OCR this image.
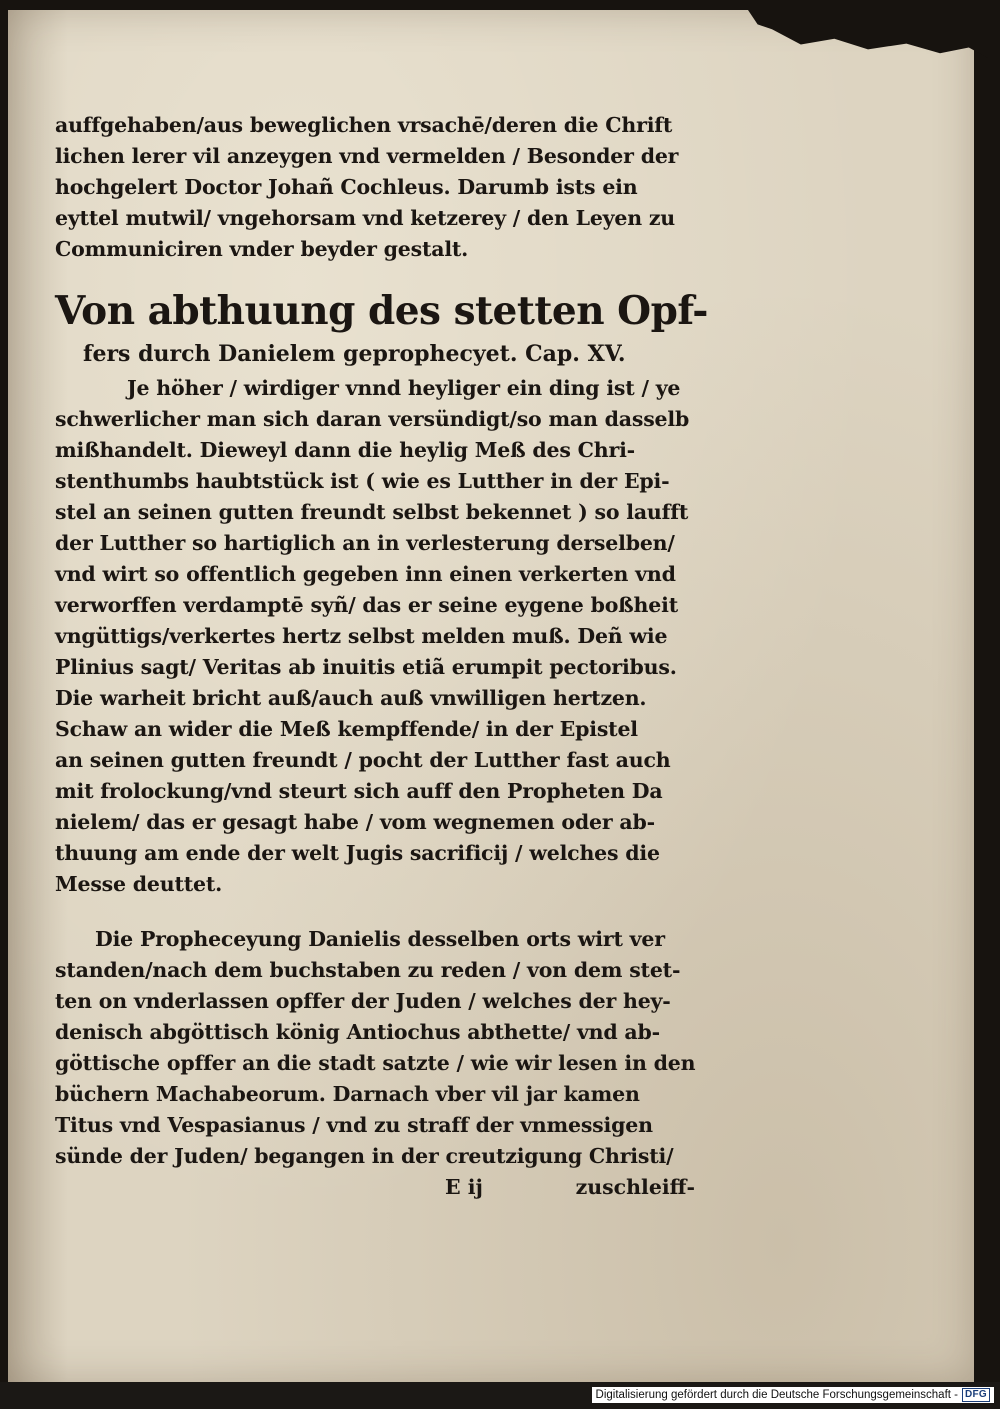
auffgehaben/aus beweglichen vrsachē/deren die Chrift
lichen lerer vil anzeygen vnd vermelden / Besonder der
hochgelert Doctor Johañ Cochleus. Darumb ists ein
eyttel mutwil/ vngehorsam vnd ketzerey / den Leyen zu
Communiciren vnder beyder gestalt.
Von abthuung des stetten Opf-
fers durch Danielem geprophecyet. Cap. XV.
Je höher / wirdiger vnnd heyliger ein ding ist / ye
schwerlicher man sich daran versündigt/so man dasselb
mißhandelt. Dieweyl dann die heylig Meß des Chri-
stenthumbs haubtstück ist ( wie es Lutther in der Epi-
stel an seinen gutten freundt selbst bekennet ) so laufft
der Lutther so hartiglich an in verlesterung derselben/
vnd wirt so offentlich gegeben inn einen verkerten vnd
verworffen verdamptē syñ/ das er seine eygene boßheit
vngüttigs/verkertes hertz selbst melden muß. Deñ wie
Plinius sagt/ Veritas ab inuitis etiã erumpit pectoribus.
Die warheit bricht auß/auch auß vnwilligen hertzen.
Schaw an wider die Meß kempffende/ in der Epistel
an seinen gutten freundt / pocht der Lutther fast auch
mit frolockung/vnd steurt sich auff den Propheten Da
nielem/ das er gesagt habe / vom wegnemen oder ab-
thuung am ende der welt Jugis sacrificij / welches die
Messe deuttet.
Die Propheceyung Danielis desselben orts wirt ver
standen/nach dem buchstaben zu reden / von dem stet-
ten on vnderlassen opffer der Juden / welches der hey-
denisch abgöttisch könig Antiochus abthette/ vnd ab-
göttische opffer an die stadt satzte / wie wir lesen in den
büchern Machabeorum. Darnach vber vil jar kamen
Titus vnd Vespasianus / vnd zu straff der vnmessigen
sünde der Juden/ begangen in der creutzigung Christi/
E ij	zuschleiff-
Digitalisierung gefördert durch die Deutsche Forschungsgemeinschaft - DFG
